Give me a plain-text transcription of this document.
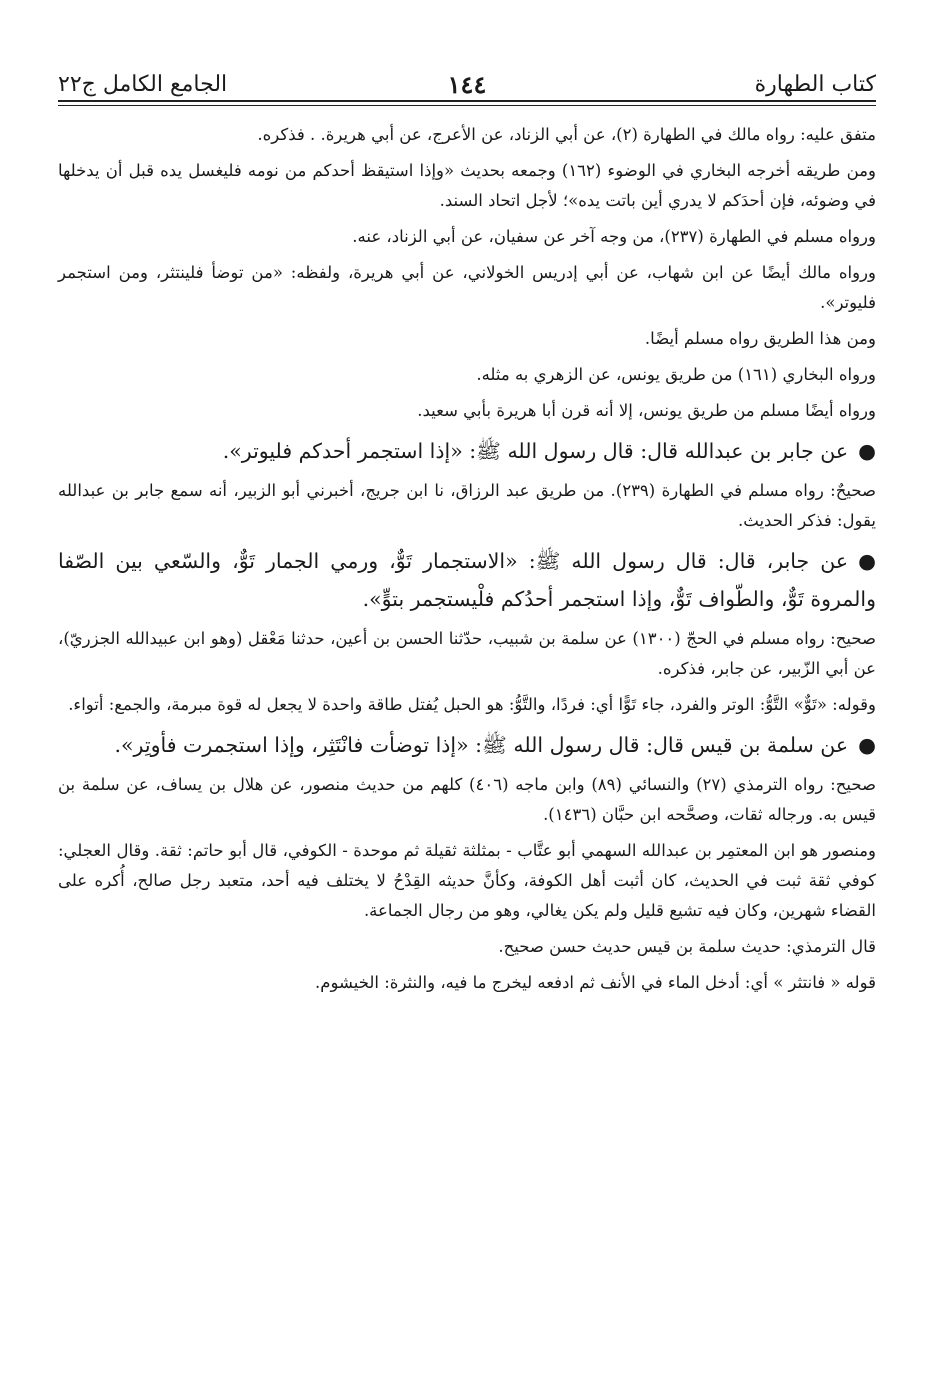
كتاب الطهارة
١٤٤
الجامع الكامل ج٢٢

متفق عليه: رواه مالك في الطهارة (٢)، عن أبي الزناد، عن الأعرج، عن أبي هريرة. . فذكره.

ومن طريقه أخرجه البخاري في الوضوء (١٦٢) وجمعه بحديث «وإذا استيقظ أحدكم من نومه فليغسل يده قبل أن يدخلها في وضوئه، فإن أحدَكم لا يدري أين باتت يده»؛ لأجل اتحاد السند.

ورواه مسلم في الطهارة (٢٣٧)، من وجه آخر عن سفيان، عن أبي الزناد، عنه.

ورواه مالك أيضًا عن ابن شهاب، عن أبي إدريس الخولاني، عن أبي هريرة، ولفظه: «من توضأ فلينتثر، ومن استجمر فليوتر».

ومن هذا الطريق رواه مسلم أيضًا.

ورواه البخاري (١٦١) من طريق يونس، عن الزهري به مثله.

ورواه أيضًا مسلم من طريق يونس، إلا أنه قرن أبا هريرة بأبي سعيد.

●عن جابر بن عبدالله قال: قال رسول الله ﷺ: «إذا استجمر أحدكم فليوتر».

صحيحٌ: رواه مسلم في الطهارة (٢٣٩). من طريق عبد الرزاق، نا ابن جريج، أخبرني أبو الزبير، أنه سمع جابر بن عبدالله يقول: فذكر الحديث.

●عن جابر، قال: قال رسول الله ﷺ: «الاستجمار تَوٌّ، ورمي الجمار تَوٌّ، والسّعي بين الصّفا والمروة تَوٌّ، والطّواف تَوٌّ، وإذا استجمر أحدُكم فلْيستجمر بتوٍّ».

صحيح: رواه مسلم في الحجّ (١٣٠٠) عن سلمة بن شبيب، حدّثنا الحسن بن أعين، حدثنا مَعْقل (وهو ابن عبيدالله الجزريّ)، عن أبي الزّبير، عن جابر، فذكره.

وقوله: «تَوٌّ» التَّوُّ: الوتر والفرد، جاء تَوًّا أي: فردًا، والتَّوُّ: هو الحبل يُفتل طاقة واحدة لا يجعل له قوة مبرمة، والجمع: أتواء.

●عن سلمة بن قيس قال: قال رسول الله ﷺ: «إذا توضأت فانْتَثِر، وإذا استجمرت فأوتِر».

صحيح: رواه الترمذي (٢٧) والنسائي (٨٩) وابن ماجه (٤٠٦) كلهم من حديث منصور، عن هلال بن يساف، عن سلمة بن قيس به. ورجاله ثقات، وصحَّحه ابن حبَّان (١٤٣٦).

ومنصور هو ابن المعتمِر بن عبدالله السهمي أبو عتَّاب - بمثلثة ثقيلة ثم موحدة - الكوفي، قال أبو حاتم: ثقة. وقال العجلي: كوفي ثقة ثبت في الحديث، كان أثبت أهل الكوفة، وكأنَّ حديثه القِدْحُ لا يختلف فيه أحد، متعبد رجل صالح، أُكره على القضاء شهرين، وكان فيه تشيع قليل ولم يكن يغالي، وهو من رجال الجماعة.

قال الترمذي: حديث سلمة بن قيس حديث حسن صحيح.

قوله « فانتثر » أي: أدخل الماء في الأنف ثم ادفعه ليخرج ما فيه، والنثرة: الخيشوم.
